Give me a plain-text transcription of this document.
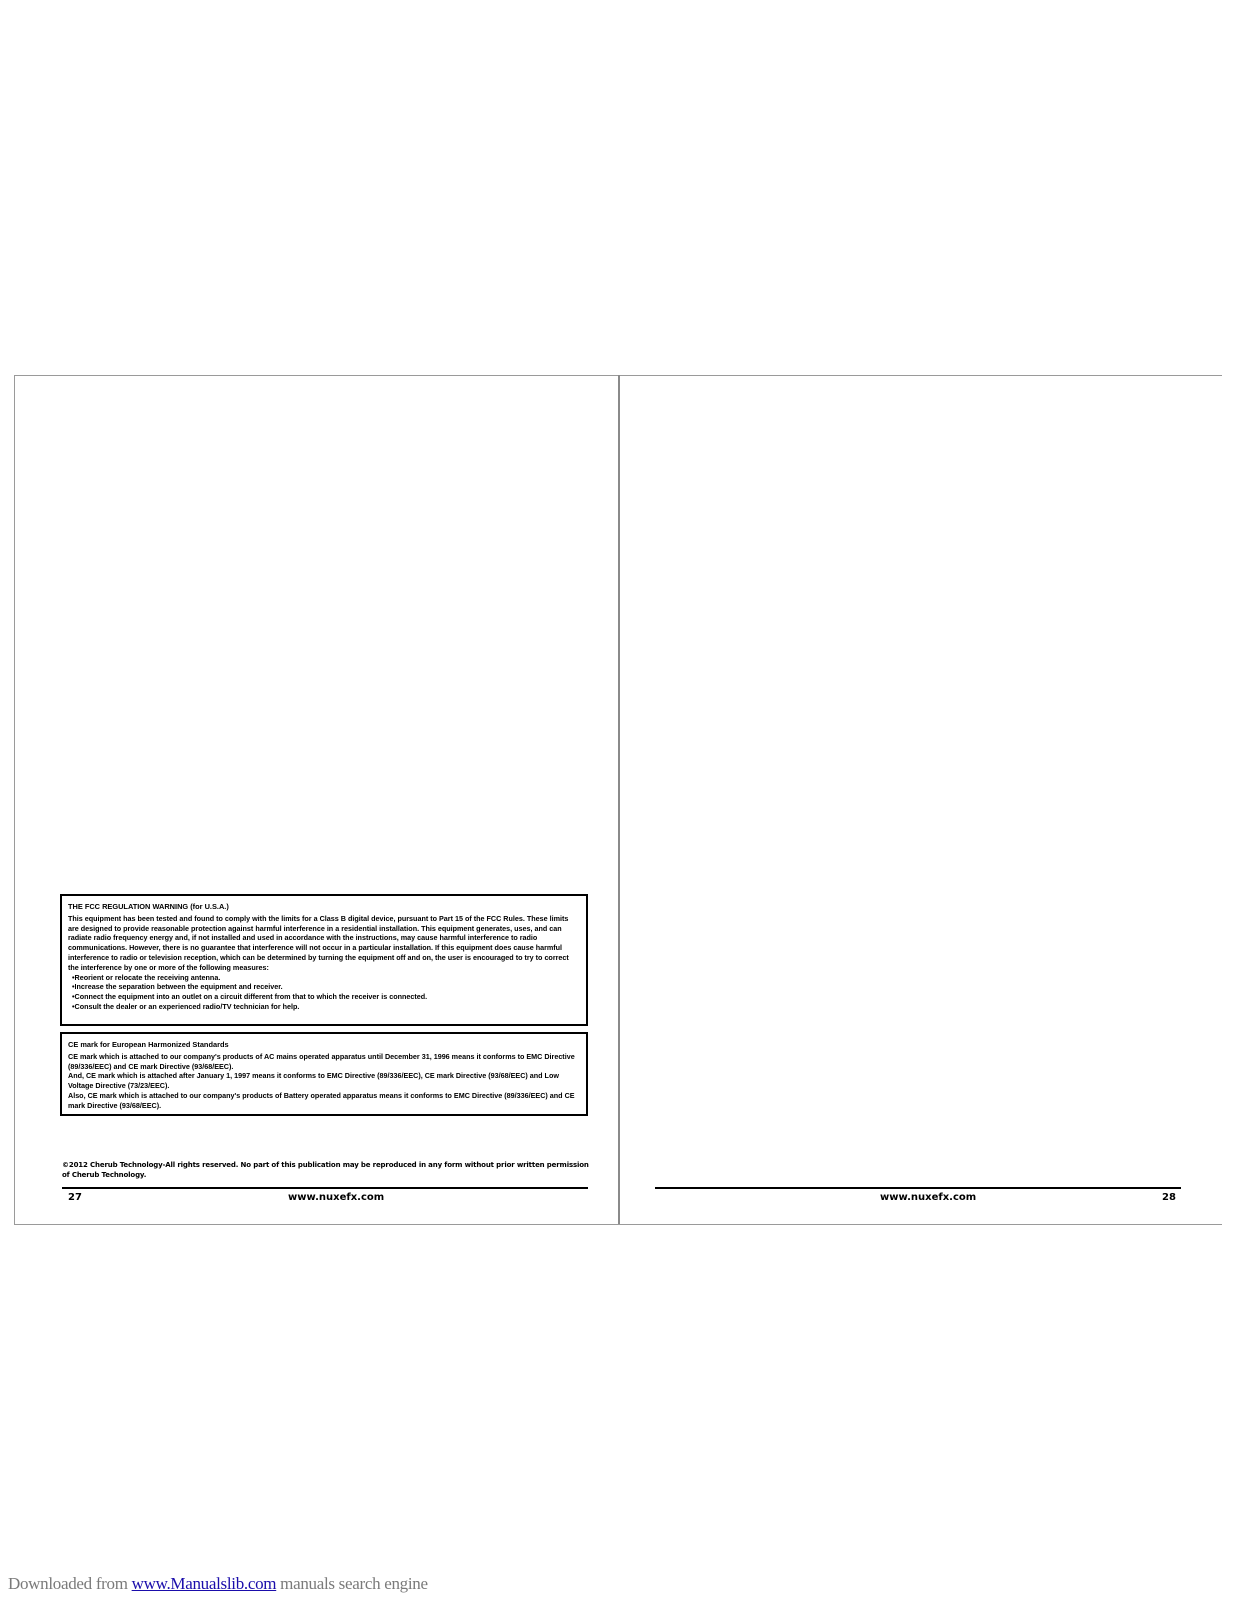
THE FCC REGULATION WARNING (for U.S.A.)

This equipment has been tested and found to comply with the limits for a Class B digital device, pursuant to Part 15 of the FCC Rules. These limits are designed to provide reasonable protection against harmful interference in a residential installation. This equipment generates, uses, and can radiate radio frequency energy and, if not installed and used in accordance with the instructions, may cause harmful interference to radio communications. However, there is no guarantee that interference will not occur in a particular installation. If this equipment does cause harmful interference to radio or television reception, which can be determined by turning the equipment off and on, the user is encouraged to try to correct the interference by one or more of the following measures:

• Reorient or relocate the receiving antenna.
• Increase the separation between the equipment and receiver.
• Connect the equipment into an outlet on a circuit different from that to which the receiver is connected.
• Consult the dealer or an experienced radio/TV technician for help.
CE mark for European Harmonized Standards

CE mark which is attached to our company's products of AC mains operated apparatus until December 31, 1996 means it conforms to EMC Directive (89/336/EEC) and CE mark Directive (93/68/EEC).

And, CE mark which is attached after January 1, 1997 means it conforms to EMC Directive (89/336/EEC), CE mark Directive (93/68/EEC) and Low Voltage Directive (73/23/EEC).

Also, CE mark which is attached to our company's products of Battery operated apparatus means it conforms to EMC Directive (89/336/EEC) and CE mark Directive (93/68/EEC).

©2012 Cherub Technology-All rights reserved. No part of this publication may be reproduced in any form without prior written permission of Cherub Technology.
27	www.nuxefx.com	www.nuxefx.com	28
Downloaded from www.Manualslib.com manuals search engine
